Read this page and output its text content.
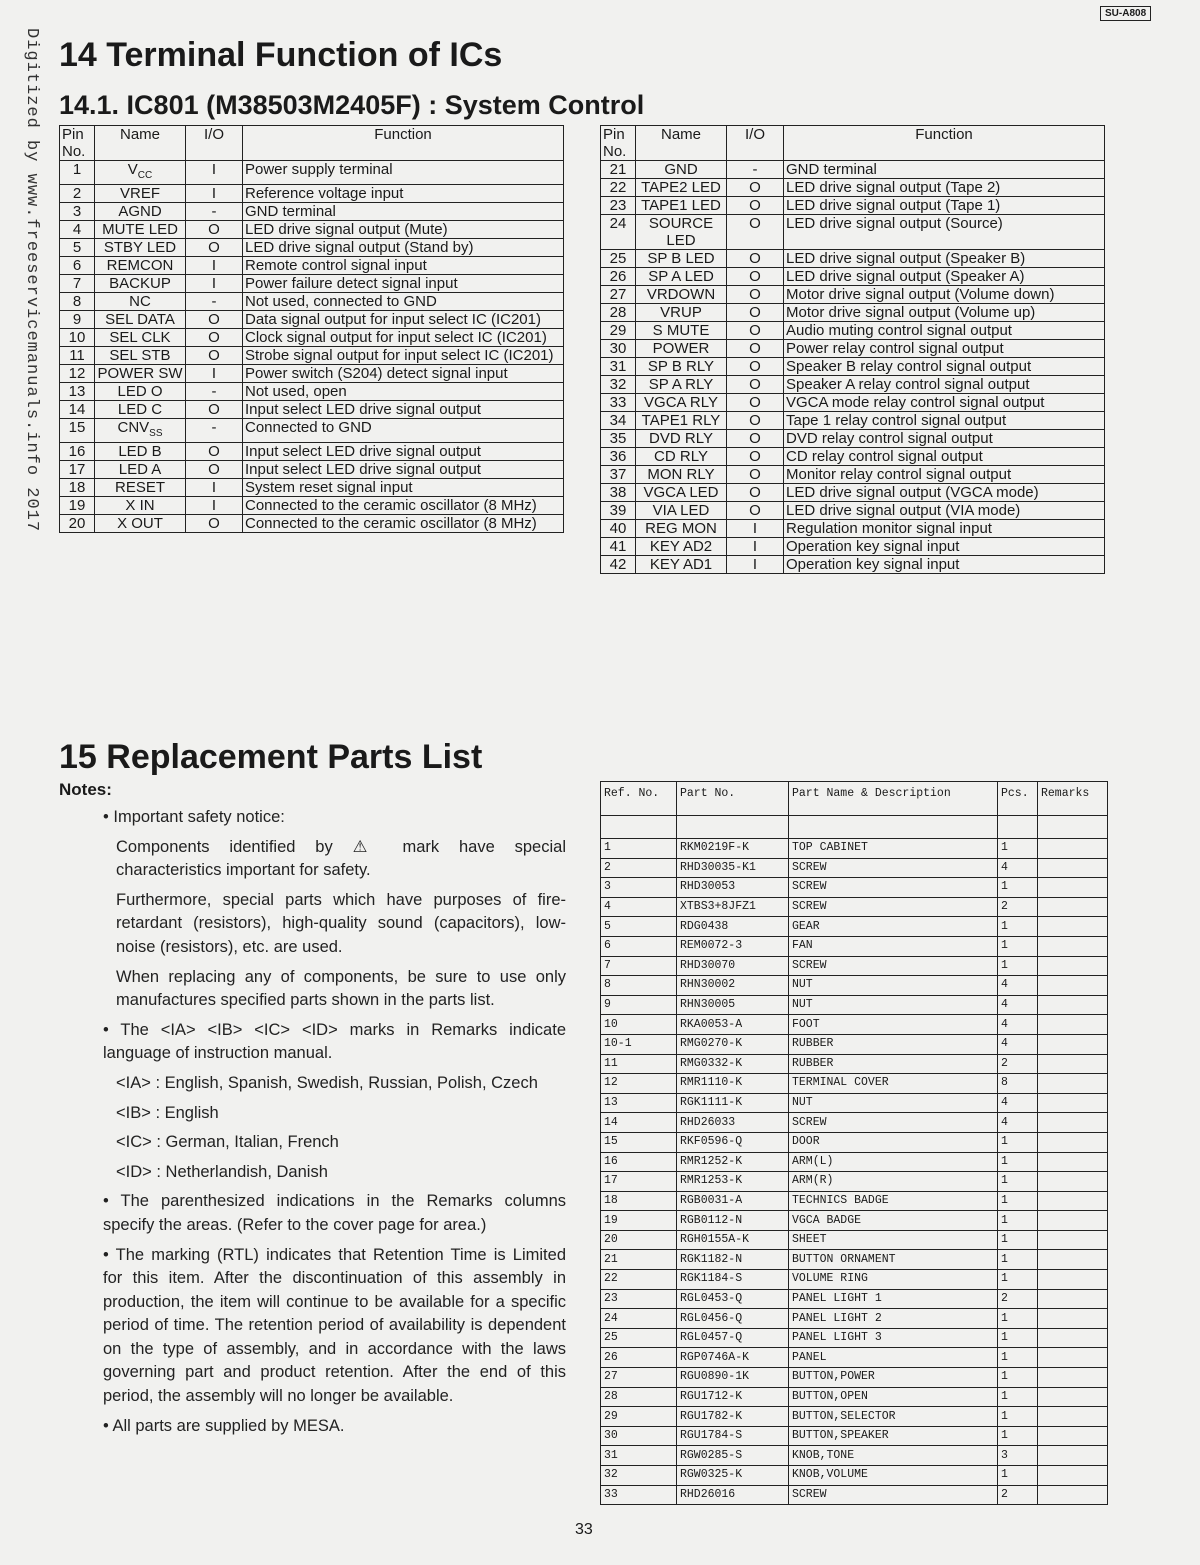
Digitized by www.freeservicemanuals.info 2017
SU-A808
14 Terminal Function of ICs
14.1. IC801 (M38503M2405F) : System Control
Pin No.	Name	I/O	Function
1	$V_{CC}$	I	Power supply terminal
2	VREF	I	Reference voltage input
3	AGND	-	GND terminal
4	MUTE LED	O	LED drive signal output (Mute)
5	STBY LED	O	LED drive signal output (Stand by)
6	REMCON	I	Remote control signal input
7	BACKUP	I	Power failure detect signal input
8	NC	-	Not used, connected to GND
9	SEL DATA	O	Data signal output for input select IC (IC201)
10	SEL CLK	O	Clock signal output for input select IC (IC201)
11	SEL STB	O	Strobe signal output for input select IC (IC201)
12	POWER SW	I	Power switch (S204) detect signal input
13	LED O	-	Not used, open
14	LED C	O	Input select LED drive signal output
15	$CNV_{SS}$	-	Connected to GND
16	LED B	O	Input select LED drive signal output
17	LED A	O	Input select LED drive signal output
18	RESET	I	System reset signal input
19	X IN	I	Connected to the ceramic oscillator (8 MHz)
20	X OUT	O	Connected to the ceramic oscillator (8 MHz)
Pin No.	Name	I/O	Function
21	GND	-	GND terminal
22	TAPE2 LED	O	LED drive signal output (Tape 2)
23	TAPE1 LED	O	LED drive signal output (Tape 1)
24	SOURCE LED	O	LED drive signal output (Source)
25	SP B LED	O	LED drive signal output (Speaker B)
26	SP A LED	O	LED drive signal output (Speaker A)
27	VRDOWN	O	Motor drive signal output (Volume down)
28	VRUP	O	Motor drive signal output (Volume up)
29	S MUTE	O	Audio muting control signal output
30	POWER	O	Power relay control signal output
31	SP B RLY	O	Speaker B relay control signal output
32	SP A RLY	O	Speaker A relay control signal output
33	VGCA RLY	O	VGCA mode relay control signal output
34	TAPE1 RLY	O	Tape 1 relay control signal output
35	DVD RLY	O	DVD relay control signal output
36	CD RLY	O	CD relay control signal output
37	MON RLY	O	Monitor relay control signal output
38	VGCA LED	O	LED drive signal output (VGCA mode)
39	VIA LED	O	LED drive signal output (VIA mode)
40	REG MON	I	Regulation monitor signal input
41	KEY AD2	I	Operation key signal input
42	KEY AD1	I	Operation key signal input
15 Replacement Parts List
Notes:

• Important safety notice:

Components identified by ⚠ mark have special characteristics important for safety.

Furthermore, special parts which have purposes of fire-retardant (resistors), high-quality sound (capacitors), low-noise (resistors), etc. are used.

When replacing any of components, be sure to use only manufactures specified parts shown in the parts list.

• The <IA> <IB> <IC> <ID> marks in Remarks indicate language of instruction manual.

<IA> : English, Spanish, Swedish, Russian, Polish, Czech

<IB> : English

<IC> : German, Italian, French

<ID> : Netherlandish, Danish

• The parenthesized indications in the Remarks columns specify the areas. (Refer to the cover page for area.)

• The marking (RTL) indicates that Retention Time is Limited for this item. After the discontinuation of this assembly in production, the item will continue to be available for a specific period of time. The retention period of availability is dependent on the type of assembly, and in accordance with the laws governing part and product retention. After the end of this period, the assembly will no longer be available.

• All parts are supplied by MESA.

Ref. No.	Part No.	Part Name & Description	Pcs.	Remarks

1	RKM0219F-K	TOP CABINET	1	
2	RHD30035-K1	SCREW	4	
3	RHD30053	SCREW	1	
4	XTBS3+8JFZ1	SCREW	2	
5	RDG0438	GEAR	1	
6	REM0072-3	FAN	1	
7	RHD30070	SCREW	1	
8	RHN30002	NUT	4	
9	RHN30005	NUT	4	
10	RKA0053-A	FOOT	4	
10-1	RMG0270-K	RUBBER	4	
11	RMG0332-K	RUBBER	2	
12	RMR1110-K	TERMINAL COVER	8	
13	RGK1111-K	NUT	4	
14	RHD26033	SCREW	4	
15	RKF0596-Q	DOOR	1	
16	RMR1252-K	ARM(L)	1	
17	RMR1253-K	ARM(R)	1	
18	RGB0031-A	TECHNICS BADGE	1	
19	RGB0112-N	VGCA BADGE	1	
20	RGH0155A-K	SHEET	1	
21	RGK1182-N	BUTTON ORNAMENT	1	
22	RGK1184-S	VOLUME RING	1	
23	RGL0453-Q	PANEL LIGHT 1	2	
24	RGL0456-Q	PANEL LIGHT 2	1	
25	RGL0457-Q	PANEL LIGHT 3	1	
26	RGP0746A-K	PANEL	1	
27	RGU0890-1K	BUTTON,POWER	1	
28	RGU1712-K	BUTTON,OPEN	1	
29	RGU1782-K	BUTTON,SELECTOR	1	
30	RGU1784-S	BUTTON,SPEAKER	1	
31	RGW0285-S	KNOB,TONE	3	
32	RGW0325-K	KNOB,VOLUME	1	
33	RHD26016	SCREW	2	
33
